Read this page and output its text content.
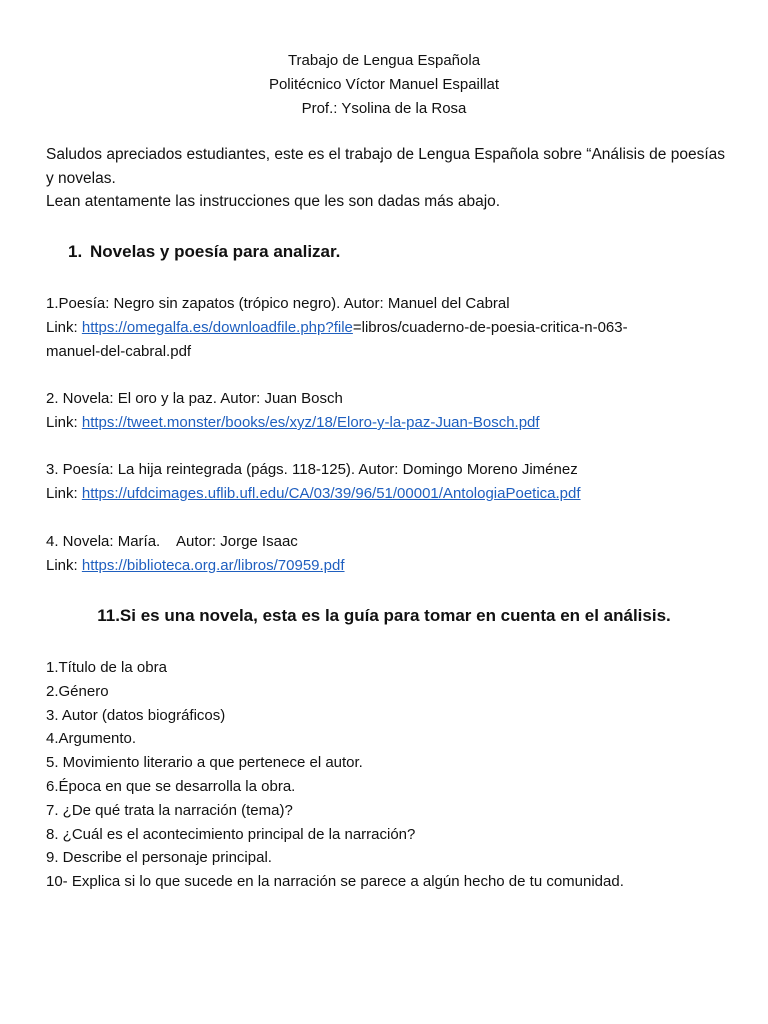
Trabajo de Lengua Española
Politécnico Víctor Manuel Espaillat
Prof.: Ysolina de la Rosa

Saludos apreciados estudiantes, este es el trabajo de Lengua Española sobre “Análisis de poesías y novelas.

Lean atentamente las instrucciones que les son dadas más abajo.

1. Novelas y poesía para analizar.
1.Poesía: Negro sin zapatos (trópico negro). Autor: Manuel del Cabral
Link: https://omegalfa.es/downloadfile.php?file=libros/cuaderno-de-poesia-critica-n-063-
manuel-del-cabral.pdf
2. Novela: El oro y la paz. Autor: Juan Bosch
Link: https://tweet.monster/books/es/xyz/18/Eloro-y-la-paz-Juan-Bosch.pdf
3. Poesía: La hija reintegrada (págs. 118-125). Autor: Domingo Moreno Jiménez
Link: https://ufdcimages.uflib.ufl.edu/CA/03/39/96/51/00001/AntologiaPoetica.pdf
4. Novela: María.    Autor: Jorge Isaac
Link: https://biblioteca.org.ar/libros/70959.pdf
11.Si es una novela, esta es la guía para tomar en cuenta en el análisis.
1.Título de la obra
2.Género
3. Autor (datos biográficos)
4.Argumento.
5. Movimiento literario a que pertenece el autor.
6.Época en que se desarrolla la obra.
7. ¿De qué trata la narración (tema)?
8. ¿Cuál es el acontecimiento principal de la narración?
9. Describe el personaje principal.
10- Explica si lo que sucede en la narración se parece a algún hecho de tu comunidad.
